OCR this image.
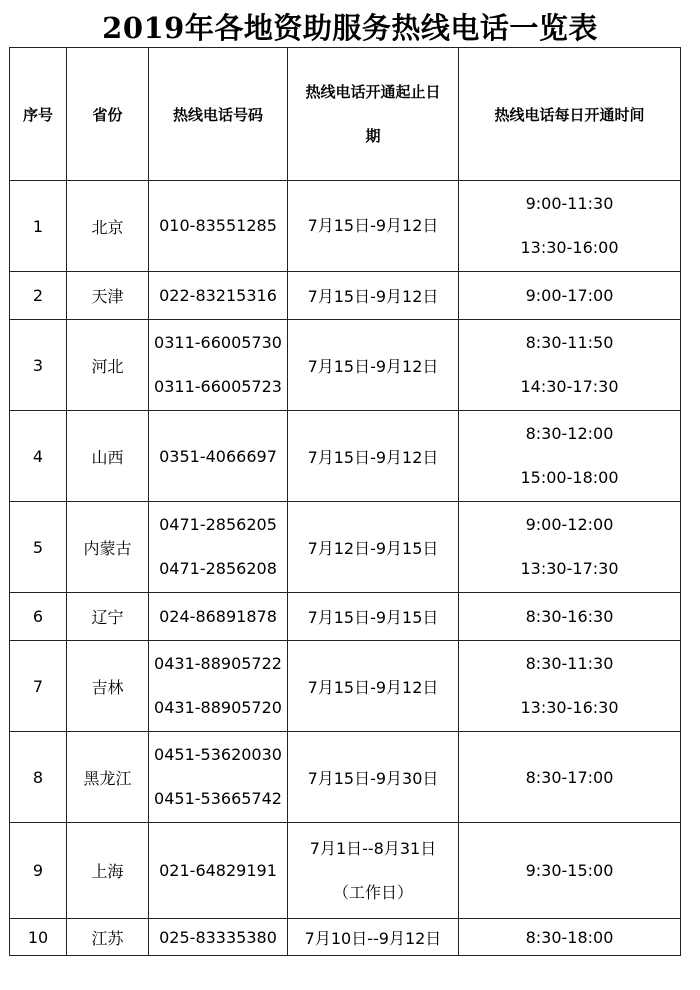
2019年各地资助服务热线电话一览表
序号	省份	热线电话号码	热线电话开通起止日
期	热线电话每日开通时间
1	北京	010-83551285	7月15日-9月12日	9:00-11:30
13:30-16:00

2	天津	022-83215316	7月15日-9月12日	9:00-17:00
3	河北	0311-66005730
0311-66005723	7月15日-9月12日	8:30-11:50
14:30-17:30

4	山西	0351-4066697	7月15日-9月12日	8:30-12:00
15:00-18:00

5	内蒙古	0471-2856205
0471-2856208	7月12日-9月15日	9:00-12:00
13:30-17:30

6	辽宁	024-86891878	7月15日-9月15日	8:30-16:30
7	吉林	0431-88905722
0431-88905720	7月15日-9月12日	8:30-11:30
13:30-16:30

8	黑龙江	0451-53620030
0451-53665742	7月15日-9月30日	8:30-17:00
9	上海	021-64829191	7月1日--8月31日
（工作日）	9:30-15:00
10	江苏	025-83335380	7月10日--9月12日	8:30-18:00
